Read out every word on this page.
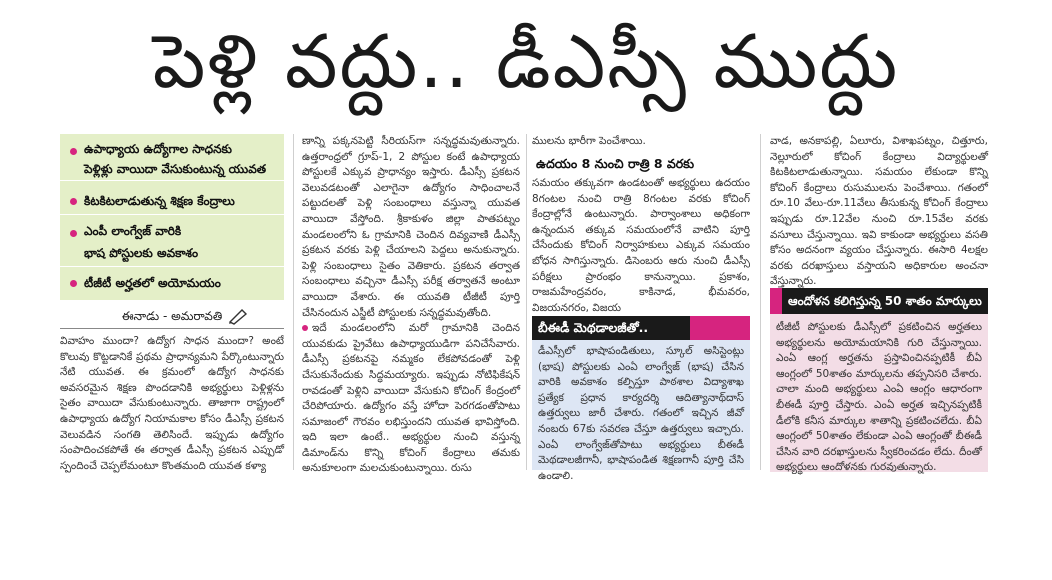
పెళ్లి వద్దు.. డీఎస్సీ ముద్దు
ఉపాధ్యాయ ఉద్యోగాల సాధనకు
పెళ్లిళ్లు వాయిదా వేసుకుంటున్న యువత
కిటకిటలాడుతున్న శిక్షణ కేంద్రాలు
ఎంపీ లాంగ్వేజ్ వారికి
భాష పోస్టులకు అవకాశం
టీజీటీ అర్హతలో అయోమయం
ఈనాడు - అమరావతి

వివాహం ముందా? ఉద్యోగ సాధన ముందా? అంటే కొలువు కొట్టడానికే ప్రథమ ప్రాధాన్యమని పేర్కొంటున్నారు నేటి యువత. ఈ క్రమంలో ఉద్యోగ సాధనకు అవసరమైన శిక్షణ పొందడానికి అభ్యర్థులు పెళ్లిళ్లను సైతం వాయిదా వేసుకుంటున్నారు. తాజాగా రాష్ట్రంలో ఉపాధ్యాయ ఉద్యోగ నియామకాల కోసం డీఎస్సీ ప్రకటన వెలువడిన సంగతి తెలిసిందే. ఇప్పుడు ఉద్యోగం సంపాదించకపోతే ఈ తర్వాత డీఎస్సీ ప్రకటన ఎప్పుడో స్పందించే చెప్పలేమంటూ కొంతమంది యువత కళ్యా

ణాన్ని పక్కనపెట్టి సీరియస్‌గా సన్నద్ధమవుతున్నారు. ఉత్తరాంధ్రలో గ్రూప్-1, 2 పోస్టుల కంటే ఉపాధ్యాయ పోస్టులకే ఎక్కువ ప్రాధాన్యం ఇస్తారు. డీఎస్సీ ప్రకటన వెలువడటంతో ఎలాగైనా ఉద్యోగం సాధించాలనే పట్టుదలతో పెళ్లి సంబంధాలు వస్తున్నా యువత వాయిదా వేస్తోంది. శ్రీకాకుళం జిల్లా పాతపట్నం మండలంలోని ఓ గ్రామానికి చెందిన దివ్యవాణి డీఎస్సీ ప్రకటన వరకు పెళ్లి చేయాలని పెద్దలు అనుకున్నారు. పెళ్లి సంబంధాలు సైతం వెతికారు. ప్రకటన తర్వాత సంబంధాలు వచ్చినా డీఎస్సీ పరీక్ష తర్వాతనే అంటూ వాయిదా వేశారు. ఈ యువతి టీజీటీ పూర్తి చేసినందున ఎస్జీటీ పోస్టులకు సన్నద్ధమవుతోంది.

ఇదే మండలంలోని మరో గ్రామానికి చెందిన యువకుడు ప్రైవేటు ఉపాధ్యాయుడిగా పనిచేసేవారు. డీఎస్సీ ప్రకటనపై నమ్మకం లేకపోవడంతో పెళ్లి చేసుకునేందుకు సిద్ధమయ్యారు. ఇప్పుడు నోటిఫికేషన్ రావడంతో పెళ్లిని వాయిదా వేసుకుని కోచింగ్ కేంద్రంలో చేరిపోయారు. ఉద్యోగం వస్తే హోదా పెరగడంతోపాటు సమాజంలో గౌరవం లభిస్తుందని యువత భావిస్తోంది. ఇది ఇలా ఉంటే.. అభ్యర్థుల నుంచి వస్తున్న డిమాండ్‌ను కొన్ని కోచింగ్ కేంద్రాలు తమకు అనుకూలంగా మలచుకుంటున్నాయి. రుసు

ములను భారీగా పెంచేశాయి.

ఉదయం 8 నుంచి రాత్రి 8 వరకు

సమయం తక్కువగా ఉండటంతో అభ్యర్థులు ఉదయం 8గంటల నుంచి రాత్రి 8గంటల వరకు కోచింగ్ కేంద్రాల్లోనే ఉంటున్నారు. పార్వాంశాలు అధికంగా ఉన్నందున తక్కువ సమయంలోనే వాటిని పూర్తి చేసేందుకు కోచింగ్ నిర్వాహకులు ఎక్కువ సమయం బోధన సాగిస్తున్నారు. డిసెంబరు ఆరు నుంచి డీఎస్సీ పరీక్షలు ప్రారంభం కానున్నాయి. ప్రకాశం, రాజమహేంద్రవరం, కాకినాడ, భీమవరం, విజయనగరం, విజయ

బీఈడీ మెథడాలజీతో..

డీఎస్సీలో భాషాపండితులు, స్కూల్ అసిస్టెంట్లు (భాష) పోస్టులకు ఎంఏ లాంగ్వేజ్ (భాష) చేసిన వారికి అవకాశం కల్పిస్తూ పాఠశాల విద్యాశాఖ ప్రత్యేక ప్రధాన కార్యదర్శి ఆదిత్యానాథ్‌దాస్ ఉత్తర్వులు జారీ చేశారు. గతంలో ఇచ్చిన జీవో నంబరు 67కు సవరణ చేస్తూ ఉత్తర్వులు ఇచ్చారు. ఎంఏ లాంగ్వేజ్‌తోపాటు అభ్యర్థులు బీఈడీ మెథడాలజీగానీ, భాషాపండిత శిక్షణగానీ పూర్తి చేసి ఉండాలి.

వాడ, అనకాపల్లి, ఏలూరు, విశాఖపట్నం, చిత్తూరు, నెల్లూరులో కోచింగ్ కేంద్రాలు విద్యార్థులతో కిటకిటలాడుతున్నాయి. సమయం లేకుండా కొన్ని కోచింగ్ కేంద్రాలు రుసుములను పెంచేశాయి. గతంలో రూ.10 వేలు-రూ.11వేలు తీసుకున్న కోచింగ్ కేంద్రాలు ఇప్పుడు రూ.12వేల నుంచి రూ.15వేల వరకు వసూలు చేస్తున్నాయి. ఇవి కాకుండా అభ్యర్థులు వసతి కోసం అదనంగా వ్యయం చేస్తున్నారు. ఈసారి 4లక్షల వరకు దరఖాస్తులు వస్తాయని అధికారుల అంచనా వేస్తున్నారు.

ఆందోళన కలిగిస్తున్న 50 శాతం మార్కులు

టీజీటీ పోస్టులకు డీఎస్సీలో ప్రకటించిన అర్హతలు అభ్యర్థులను అయోమయానికి గురి చేస్తున్నాయి. ఎంఏ ఆంగ్ల అర్హతను ప్రస్తావించినప్పటికీ బీఏ ఆంగ్లంలో 50శాతం మార్కులను తప్పనిసరి చేశారు. చాలా మంది అభ్యర్థులు ఎంఏ ఆంగ్లం ఆధారంగా బీఈడీ పూర్తి చేస్తారు. ఎంఏ అర్హత ఇచ్చినప్పటికీ డీలోకి కనీస మార్కుల శాతాన్ని ప్రకటించలేదు. బీఏ ఆంగ్లంలో 50శాతం లేకుండా ఎంఏ ఆంగ్లంతో బీఈడీ చేసిన వారి దరఖాస్తులను స్వీకరించడం లేదు. దీంతో అభ్యర్థులు ఆందోళనకు గురవుతున్నారు.
